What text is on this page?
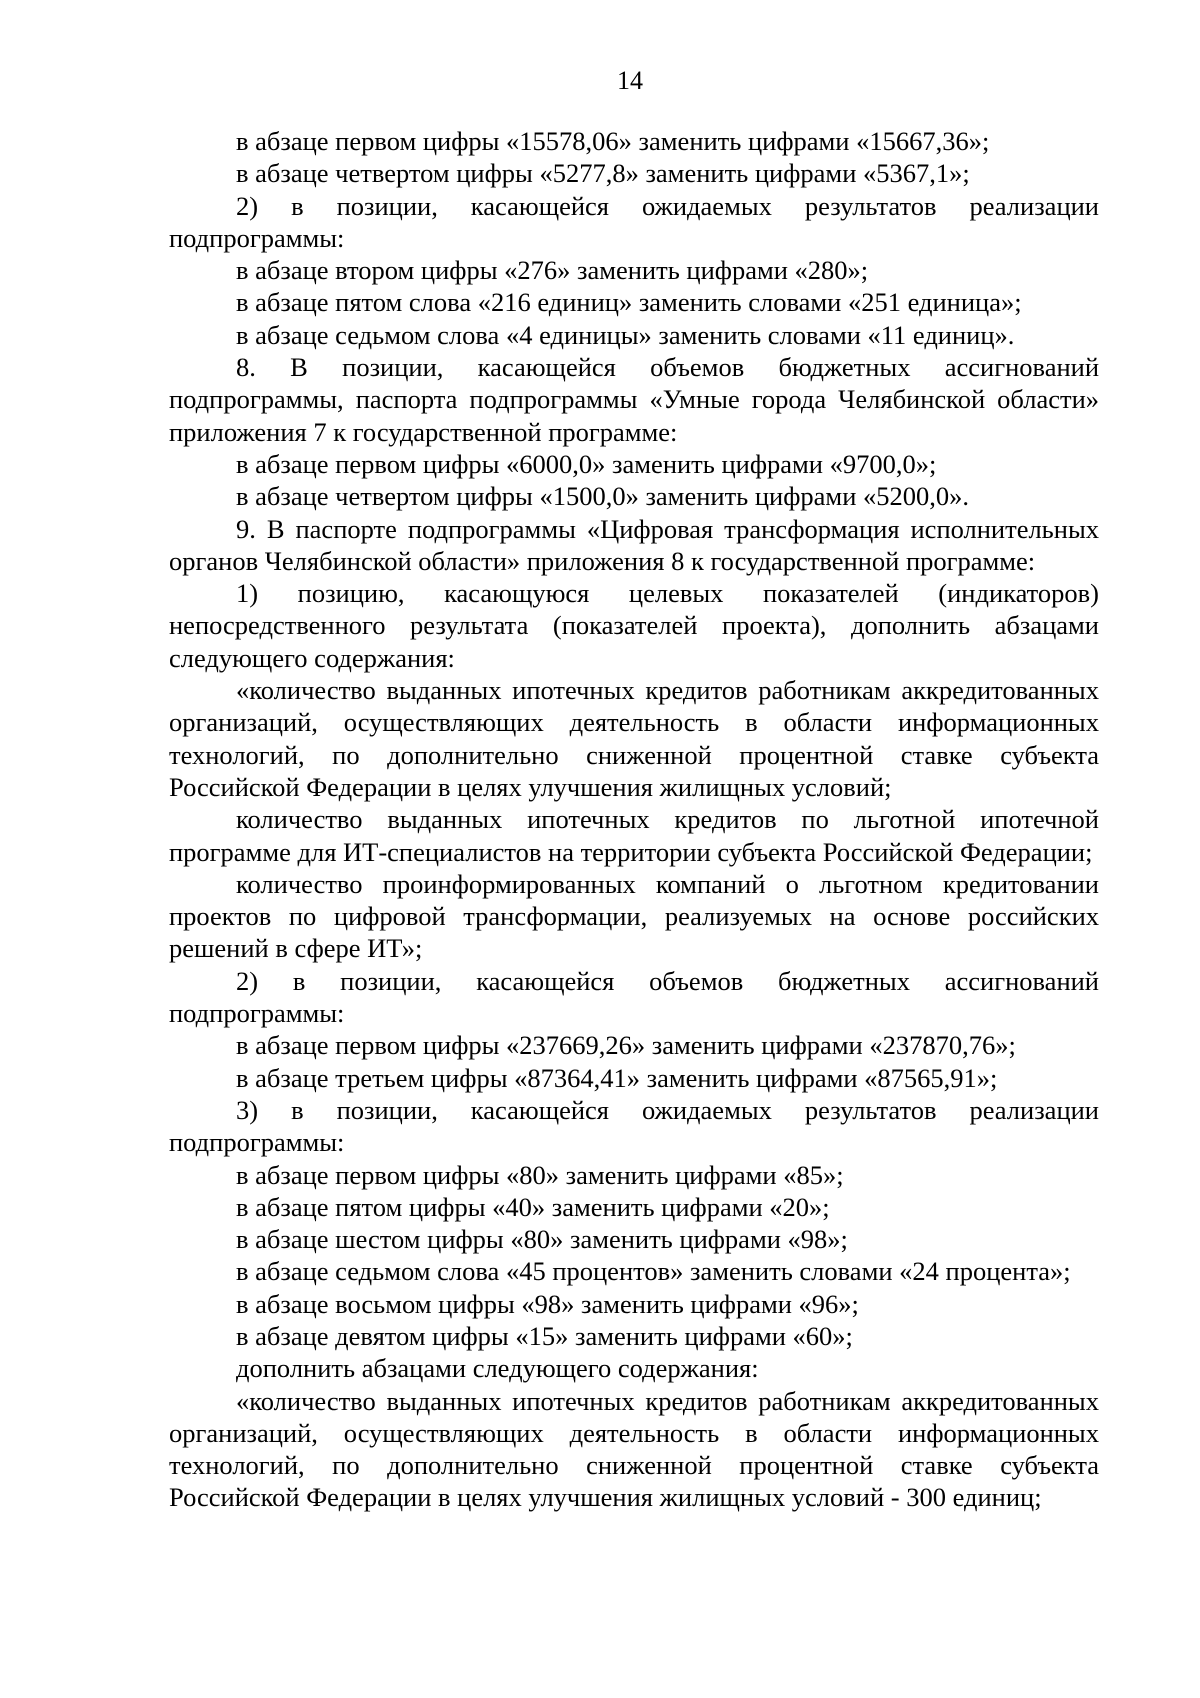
14

в абзаце первом цифры «15578,06» заменить цифрами «15667,36»;

в абзаце четвертом цифры «5277,8» заменить цифрами «5367,1»;

2) в позиции, касающейся ожидаемых результатов реализации подпрограммы:

в абзаце втором цифры «276» заменить цифрами «280»;

в абзаце пятом слова «216 единиц» заменить словами «251 единица»;

в абзаце седьмом слова «4 единицы» заменить словами «11 единиц».

8. В позиции, касающейся объемов бюджетных ассигнований подпрограммы, паспорта подпрограммы «Умные города Челябинской области» приложения 7 к государственной программе:

в абзаце первом цифры «6000,0» заменить цифрами «9700,0»;

в абзаце четвертом цифры «1500,0» заменить цифрами «5200,0».

9. В паспорте подпрограммы «Цифровая трансформация исполнительных органов Челябинской области» приложения 8 к государственной программе:

1) позицию, касающуюся целевых показателей (индикаторов) непосредственного результата (показателей проекта), дополнить абзацами следующего содержания:

«количество выданных ипотечных кредитов работникам аккредитованных организаций, осуществляющих деятельность в области информационных технологий, по дополнительно сниженной процентной ставке субъекта Российской Федерации в целях улучшения жилищных условий;

количество выданных ипотечных кредитов по льготной ипотечной программе для ИТ-специалистов на территории субъекта Российской Федерации;

количество проинформированных компаний о льготном кредитовании проектов по цифровой трансформации, реализуемых на основе российских решений в сфере ИТ»;

2) в позиции, касающейся объемов бюджетных ассигнований подпрограммы:

в абзаце первом цифры «237669,26» заменить цифрами «237870,76»;

в абзаце третьем цифры «87364,41» заменить цифрами «87565,91»;

3) в позиции, касающейся ожидаемых результатов реализации подпрограммы:

в абзаце первом цифры «80» заменить цифрами «85»;

в абзаце пятом цифры «40» заменить цифрами «20»;

в абзаце шестом цифры «80» заменить цифрами «98»;

в абзаце седьмом слова «45 процентов» заменить словами «24 процента»;

в абзаце восьмом цифры «98» заменить цифрами «96»;

в абзаце девятом цифры «15» заменить цифрами «60»;

дополнить абзацами следующего содержания:

«количество выданных ипотечных кредитов работникам аккредитованных организаций, осуществляющих деятельность в области информационных технологий, по дополнительно сниженной процентной ставке субъекта Российской Федерации в целях улучшения жилищных условий - 300 единиц;
